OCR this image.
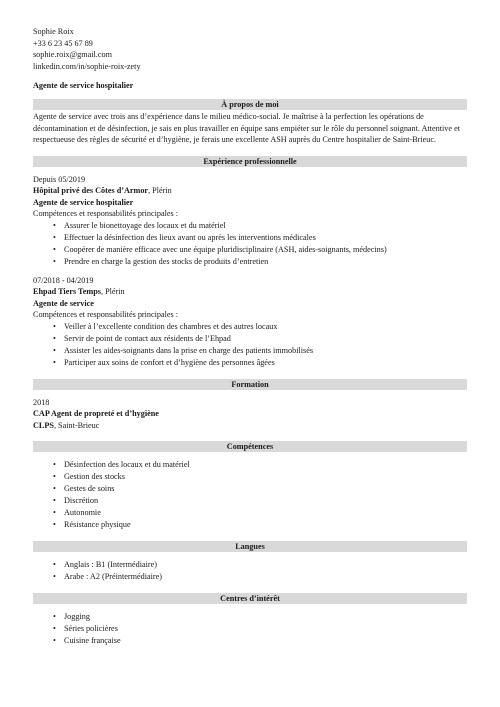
Sophie Roix
+33 6 23 45 67 89
sophie.roix@gmail.com
linkedin.com/in/sophie-roix-zety
Agente de service hospitalier
À propos de moi
Agente de service avec trois ans d’expérience dans le milieu médico-social. Je maîtrise à la perfection les opérations de décontamination et de désinfection, je sais en plus travailler en équipe sans empiéter sur le rôle du personnel soignant. Attentive et respectueuse des règles de sécurité et d’hygiène, je ferais une excellente ASH auprès du Centre hospitalier de Saint-Brieuc.
Expérience professionnelle
Depuis 05/2019
Hôpital privé des Côtes d’Armor, Plérin
Agente de service hospitalier
Compétences et responsabilités principales :
• Assurer le bionettoyage des locaux et du matériel
• Effectuer la désinfection des lieux avant ou après les interventions médicales
• Coopérer de manière efficace avec une équipe pluridisciplinaire (ASH, aides-soignants, médecins)
• Prendre en charge la gestion des stocks de produits d’entretien
07/2018 - 04/2019
Ehpad Tiers Temps, Plérin
Agente de service
Compétences et responsabilités principales :
• Veiller à l’excellente condition des chambres et des autres locaux
• Servir de point de contact aux résidents de l’Ehpad
• Assister les aides-soignants dans la prise en charge des patients immobilisés
• Participer aux soins de confort et d’hygiène des personnes âgées
Formation
2018
CAP Agent de propreté et d’hygiène
CLPS, Saint-Brieuc
Compétences
• Désinfection des locaux et du matériel
• Gestion des stocks
• Gestes de soins
• Discrétion
• Autonomie
• Résistance physique
Langues
• Anglais : B1 (Intermédiaire)
• Arabe : A2 (Préintermédiaire)
Centres d’intérêt
• Jogging
• Séries policières
• Cuisine française
